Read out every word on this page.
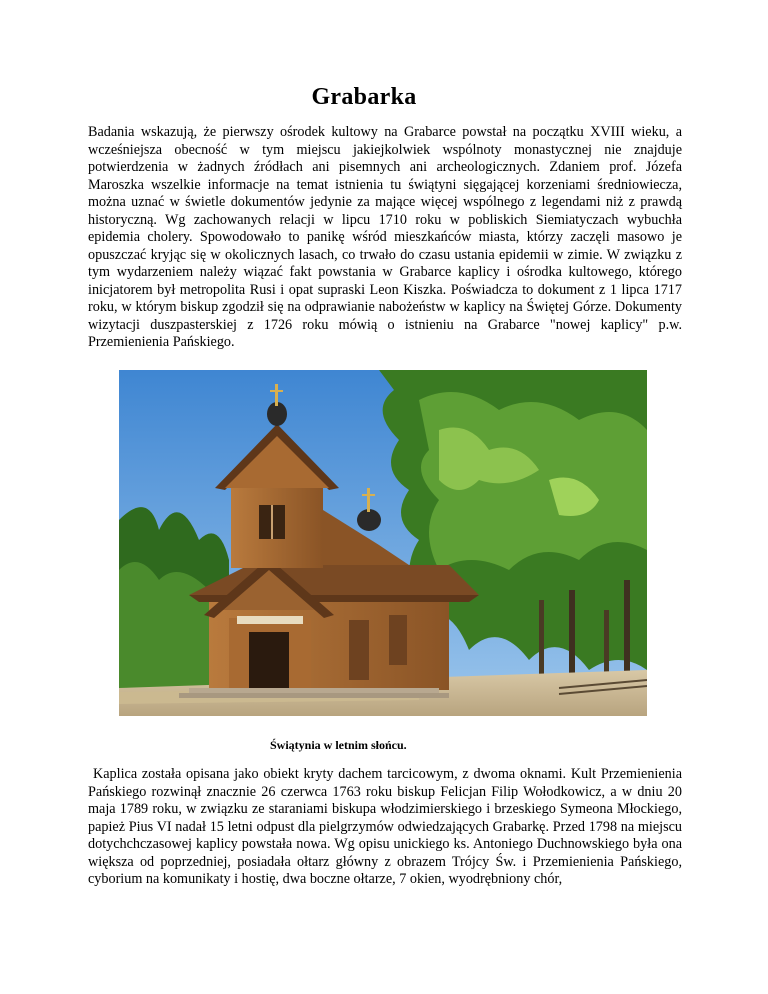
Grabarka
Badania wskazują, że pierwszy ośrodek kultowy na Grabarce powstał na początku XVIII wieku, a wcześniejsza obecność w tym miejscu jakiejkolwiek wspólnoty monastycznej nie znajduje potwierdzenia w żadnych źródłach ani pisemnych ani archeologicznych. Zdaniem prof. Józefa Maroszka wszelkie informacje na temat istnienia tu świątyni sięgającej korzeniami średniowiecza, można uznać w świetle dokumentów jedynie za mające więcej wspólnego z legendami niż z prawdą historyczną. Wg zachowanych relacji w lipcu 1710 roku w pobliskich Siemiatyczach wybuchła epidemia cholery. Spowodowało to panikę wśród mieszkańców miasta, którzy zaczęli masowo je opuszczać kryjąc się w okolicznych lasach, co trwało do czasu ustania epidemii w zimie. W związku z tym wydarzeniem należy wiązać fakt powstania w Grabarce kaplicy i ośrodka kultowego, którego inicjatorem był metropolita Rusi i opat supraski Leon Kiszka. Poświadcza to dokument z 1 lipca 1717 roku, w którym biskup zgodził się na odprawianie nabożeństw w kaplicy na Świętej Górze. Dokumenty wizytacji duszpasterskiej z 1726 roku mówią o istnieniu na Grabarce "nowej kaplicy" p.w. Przemienienia Pańskiego.
Świątynia w letnim słońcu.
Kaplica została opisana jako obiekt kryty dachem tarcicowym, z dwoma oknami. Kult Przemienienia Pańskiego rozwinął znacznie 26 czerwca 1763 roku biskup Felicjan Filip Wołodkowicz, a w dniu 20 maja 1789 roku, w związku ze staraniami biskupa włodzimierskiego i brzeskiego Symeona Młockiego, papież Pius VI nadał 15 letni odpust dla pielgrzymów odwiedzających Grabarkę. Przed 1798 na miejscu dotychchczasowej kaplicy powstała nowa. Wg opisu unickiego ks. Antoniego Duchnowskiego była ona większa od poprzedniej, posiadała ołtarz główny z obrazem Trójcy Św. i Przemienienia Pańskiego, cyborium na komunikaty i hostię, dwa boczne ołtarze, 7 okien, wyodrębniony chór,
